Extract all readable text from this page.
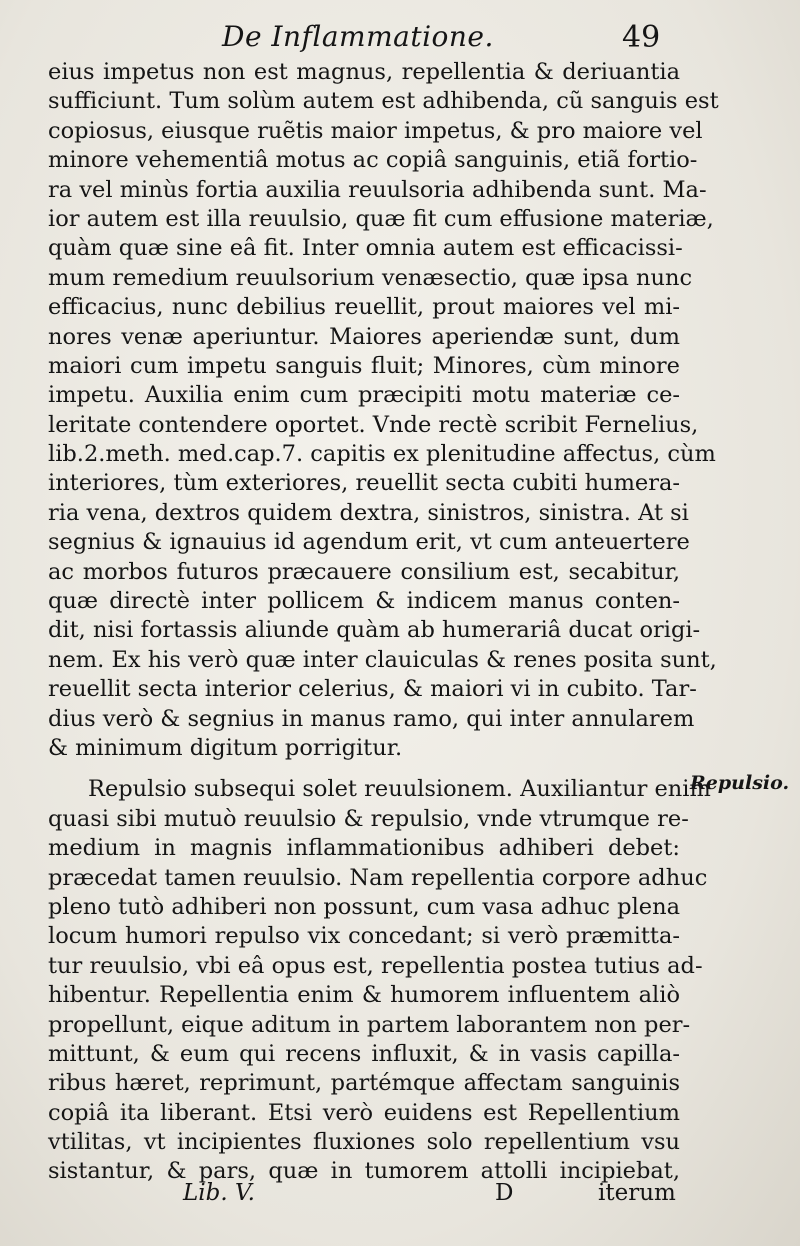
De Inflammatione.	49
eius impetus non est magnus, repellentia & deriuantia
sufficiunt. Tum solùm autem est adhibenda, cũ sanguis est
copiosus, eiusque ruẽtis maior impetus, & pro maiore vel
minore vehementiâ motus ac copiâ sanguinis, etiã fortio-
ra vel minùs fortia auxilia reuulsoria adhibenda sunt. Ma-
ior autem est illa reuulsio, quæ fit cum effusione materiæ,
quàm quæ sine eâ fit. Inter omnia autem est efficacissi-
mum remedium reuulsorium venæsectio, quæ ipsa nunc
efficacius, nunc debilius reuellit, prout maiores vel mi-
nores venæ aperiuntur. Maiores aperiendæ sunt, dum
maiori cum impetu sanguis fluit; Minores, cùm minore
impetu. Auxilia enim cum præcipiti motu materiæ ce-
leritate contendere oportet. Vnde rectè scribit Fernelius,
lib.2.meth. med.cap.7. capitis ex plenitudine affectus, cùm
interiores, tùm exteriores, reuellit secta cubiti humera-
ria vena, dextros quidem dextra, sinistros, sinistra. At si
segnius & ignauius id agendum erit, vt cum anteuertere
ac morbos futuros præcauere consilium est, secabitur,
quæ directè inter pollicem & indicem manus conten-
dit, nisi fortassis aliunde quàm ab humerariâ ducat origi-
nem. Ex his verò quæ inter clauiculas & renes posita sunt,
reuellit secta interior celerius, & maiori vi in cubito. Tar-
dius verò & segnius in manus ramo, qui inter annularem
& minimum digitum porrigitur.
Repulsio subsequi solet reuulsionem. Auxiliantur enim
quasi sibi mutuò reuulsio & repulsio, vnde vtrumque re-
medium in magnis inflammationibus adhiberi debet:
præcedat tamen reuulsio. Nam repellentia corpore adhuc
pleno tutò adhiberi non possunt, cum vasa adhuc plena
locum humori repulso vix concedant; si verò præmitta-
tur reuulsio, vbi eâ opus est, repellentia postea tutius ad-
hibentur. Repellentia enim & humorem influentem aliò
propellunt, eique aditum in partem laborantem non per-
mittunt, & eum qui recens influxit, & in vasis capilla-
ribus hæret, reprimunt, partémque affectam sanguinis
copiâ ita liberant. Etsi verò euidens est Repellentium
vtilitas, vt incipientes fluxiones solo repellentium vsu
sistantur, & pars, quæ in tumorem attolli incipiebat,
Repulsio.
Lib. V.	D	iterum
